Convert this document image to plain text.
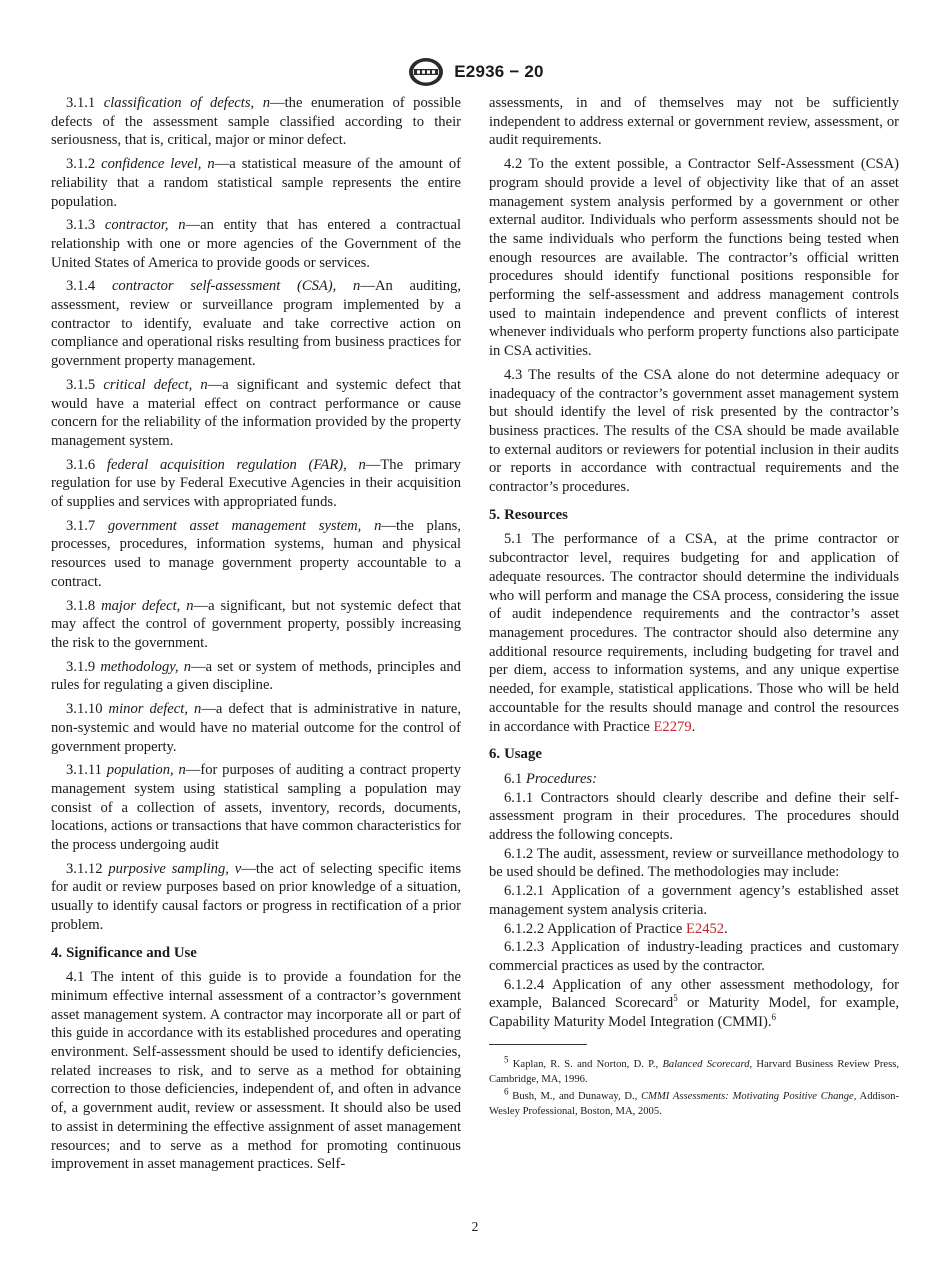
E2936 − 20

3.1.1 classification of defects, n—the enumeration of possible defects of the assessment sample classified according to their seriousness, that is, critical, major or minor defect.

3.1.2 confidence level, n—a statistical measure of the amount of reliability that a random statistical sample represents the entire population.

3.1.3 contractor, n—an entity that has entered a contractual relationship with one or more agencies of the Government of the United States of America to provide goods or services.

3.1.4 contractor self-assessment (CSA), n—An auditing, assessment, review or surveillance program implemented by a contractor to identify, evaluate and take corrective action on compliance and operational risks resulting from business practices for government property management.

3.1.5 critical defect, n—a significant and systemic defect that would have a material effect on contract performance or cause concern for the reliability of the information provided by the property management system.

3.1.6 federal acquisition regulation (FAR), n—The primary regulation for use by Federal Executive Agencies in their acquisition of supplies and services with appropriated funds.

3.1.7 government asset management system, n—the plans, processes, procedures, information systems, human and physical resources used to manage government property accountable to a contract.

3.1.8 major defect, n—a significant, but not systemic defect that may affect the control of government property, possibly increasing the risk to the government.

3.1.9 methodology, n—a set or system of methods, principles and rules for regulating a given discipline.

3.1.10 minor defect, n—a defect that is administrative in nature, non-systemic and would have no material outcome for the control of government property.

3.1.11 population, n—for purposes of auditing a contract property management system using statistical sampling a population may consist of a collection of assets, inventory, records, documents, locations, actions or transactions that have common characteristics for the process undergoing audit

3.1.12 purposive sampling, v—the act of selecting specific items for audit or review purposes based on prior knowledge of a situation, usually to identify causal factors or progress in rectification of a prior problem.

4. Significance and Use

4.1 The intent of this guide is to provide a foundation for the minimum effective internal assessment of a contractor’s government asset management system. A contractor may incorporate all or part of this guide in accordance with its established procedures and operating environment. Self-assessment should be used to identify deficiencies, related increases to risk, and to serve as a method for obtaining correction to those deficiencies, independent of, and often in advance of, a government audit, review or assessment. It should also be used to assist in determining the effective assignment of asset management resources; and to serve as a method for promoting continuous improvement in asset management practices. Self-

assessments, in and of themselves may not be sufficiently independent to address external or government review, assessment, or audit requirements.

4.2 To the extent possible, a Contractor Self-Assessment (CSA) program should provide a level of objectivity like that of an asset management system analysis performed by a government or other external auditor. Individuals who perform assessments should not be the same individuals who perform the functions being tested when enough resources are available. The contractor’s official written procedures should identify functional positions responsible for performing the self-assessment and address management controls used to maintain independence and prevent conflicts of interest whenever individuals who perform property functions also participate in CSA activities.

4.3 The results of the CSA alone do not determine adequacy or inadequacy of the contractor’s government asset management system but should identify the level of risk presented by the contractor’s business practices. The results of the CSA should be made available to external auditors or reviewers for potential inclusion in their audits or reports in accordance with contractual requirements and the contractor’s procedures.

5. Resources

5.1 The performance of a CSA, at the prime contractor or subcontractor level, requires budgeting for and application of adequate resources. The contractor should determine the individuals who will perform and manage the CSA process, considering the issue of audit independence requirements and the contractor’s asset management procedures. The contractor should also determine any additional resource requirements, including budgeting for travel and per diem, access to information systems, and any unique expertise needed, for example, statistical applications. Those who will be held accountable for the results should manage and control the resources in accordance with Practice E2279.

6. Usage

6.1 Procedures:

6.1.1 Contractors should clearly describe and define their self-assessment program in their procedures. The procedures should address the following concepts.

6.1.2 The audit, assessment, review or surveillance methodology to be used should be defined. The methodologies may include:

6.1.2.1 Application of a government agency’s established asset management system analysis criteria.

6.1.2.2 Application of Practice E2452.

6.1.2.3 Application of industry-leading practices and customary commercial practices as used by the contractor.

6.1.2.4 Application of any other assessment methodology, for example, Balanced Scorecard$^5$ or Maturity Model, for example, Capability Maturity Model Integration (CMMI).$^6$

$^5$ Kaplan, R. S. and Norton, D. P., Balanced Scorecard, Harvard Business Review Press, Cambridge, MA, 1996.

$^6$ Bush, M., and Dunaway, D., CMMI Assessments: Motivating Positive Change, Addison-Wesley Professional, Boston, MA, 2005.

2
